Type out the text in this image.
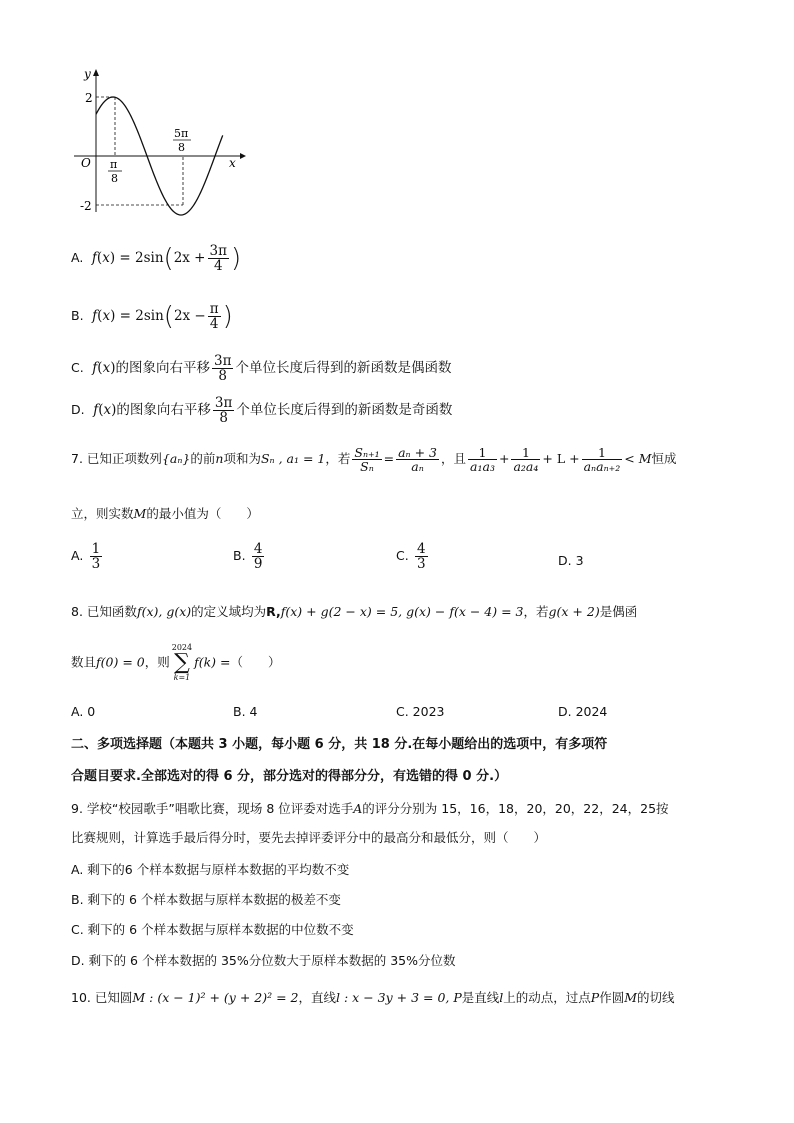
y
x
O
2
-2
π
8
5π
8
A. $f(x) = 2\sin(2x + \frac{3\pi}{4}$ )
B. $f(x) = 2\sin(2x - \frac{\pi}{4}$ )
C. f(x)的图象向右平移 $\frac{3\pi}{8}$ 个单位长度后得到的新函数是偶函数
D. f(x)的图象向右平移 $\frac{3\pi}{8}$ 个单位长度后得到的新函数是奇函数
7. 已知正项数列{aₙ}的前n项和为Sₙ , a₁ = 1，若 $\frac{\text{Sₙ₊₁}}{\text{Sₙ}} = \frac{\text{aₙ + 3}}{\text{aₙ}}$ ，且 $\frac{1}{\text{a₁a₃}} + \frac{1}{\text{a₂a₄}} + L + \frac{1}{\text{aₙaₙ₊₂}} < M$恒成
立，则实数M的最小值为（　　）
A. $\frac{1}{3}$	B. $\frac{4}{9}$	C. $\frac{4}{3}$	D. 3
8. 已知函数f(x), g(x)的定义域均为R,f(x) + g(2 − x) = 5, g(x) − f(x − 4) = 3，若g(x + 2)是偶函
数且f(0) = 0，则
2024
∑
k=1
f(k) =（　　）
A. 0	B. 4	C. 2023	D. 2024
二、多项选择题（本题共 3 小题，每小题 6 分，共 18 分.在每小题给出的选项中，有多项符
合题目要求.全部选对的得 6 分，部分选对的得部分分，有选错的得 0 分.）
9. 学校“校园歌手”唱歌比赛，现场 8 位评委对选手A的评分分别为 15，16，18，20，20，22，24，25按
比赛规则，计算选手最后得分时，要先去掉评委评分中的最高分和最低分，则（　　）
A. 剩下的6 个样本数据与原样本数据的平均数不变
B. 剩下的 6 个样本数据与原样本数据的极差不变
C. 剩下的 6 个样本数据与原样本数据的中位数不变
D. 剩下的 6 个样本数据的 35%分位数大于原样本数据的 35%分位数
10. 已知圆M : (x − 1)² + (y + 2)² = 2，直线l : x − 3y + 3 = 0, P是直线l上的动点，过点P作圆M的切线
